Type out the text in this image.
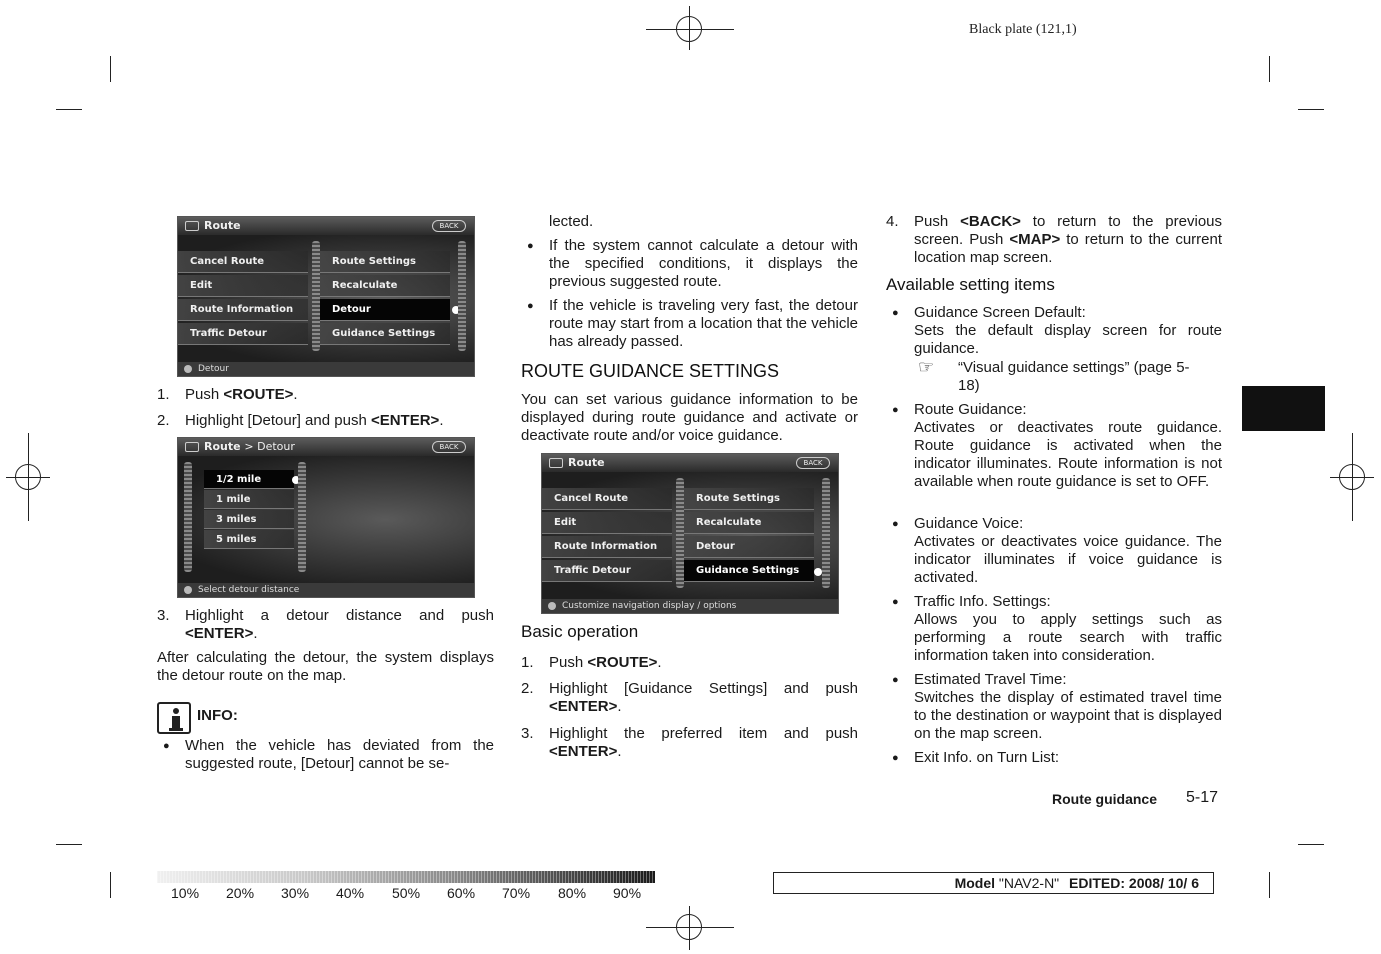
Black plate (121,1)
Route	BACK
Cancel Route
Edit
Route Information
Traffic Detour
Route Settings
Recalculate
Detour
Guidance Settings
Detour
1.	Push <ROUTE>.
2.	Highlight [Detour] and push <ENTER>.
Route > Detour	BACK
1/2 mile
1 mile
3 miles
5 miles
Select detour distance
3.	Highlight a detour distance and push <ENTER>.

After calculating the detour, the system displays the detour route on the map.

INFO:
●	When the vehicle has deviated from the suggested route, [Detour] cannot be se-
lected.
●	If the system cannot calculate a detour with the specified conditions, it displays the previous suggested route.
●	If the vehicle is traveling very fast, the detour route may start from a location that the vehicle has already passed.
ROUTE GUIDANCE SETTINGS

You can set various guidance information to be displayed during route guidance and activate or deactivate route and/or voice guidance.

Route	BACK
Cancel Route
Edit
Route Information
Traffic Detour
Route Settings
Recalculate
Detour
Guidance Settings
Customize navigation display / options
Basic operation
1.	Push <ROUTE>.
2.	Highlight [Guidance Settings] and push <ENTER>.
3.	Highlight the preferred item and push <ENTER>.
4.	Push <BACK> to return to the previous screen. Push <MAP> to return to the current location map screen.
Available setting items
●	Guidance Screen Default:
Sets the default display screen for route guidance.
☞ “Visual guidance settings” (page 5-
18)
●	Route Guidance:
Activates or deactivates route guidance. Route guidance is activated when the indicator illuminates. Route information is not available when route guidance is set to OFF.
●	Guidance Voice:
Activates or deactivates voice guidance. The indicator illuminates if voice guidance is activated.
●	Traffic Info. Settings:
Allows you to apply settings such as performing a route search with traffic information taken into consideration.
●	Estimated Travel Time:
Switches the display of estimated travel time to the destination or waypoint that is displayed on the map screen.
●	Exit Info. on Turn List:
Route guidance 5-17
10% 20% 30% 40% 50% 60% 70% 80% 90%
Model "NAV2-N" EDITED: 2008/ 10/ 6
